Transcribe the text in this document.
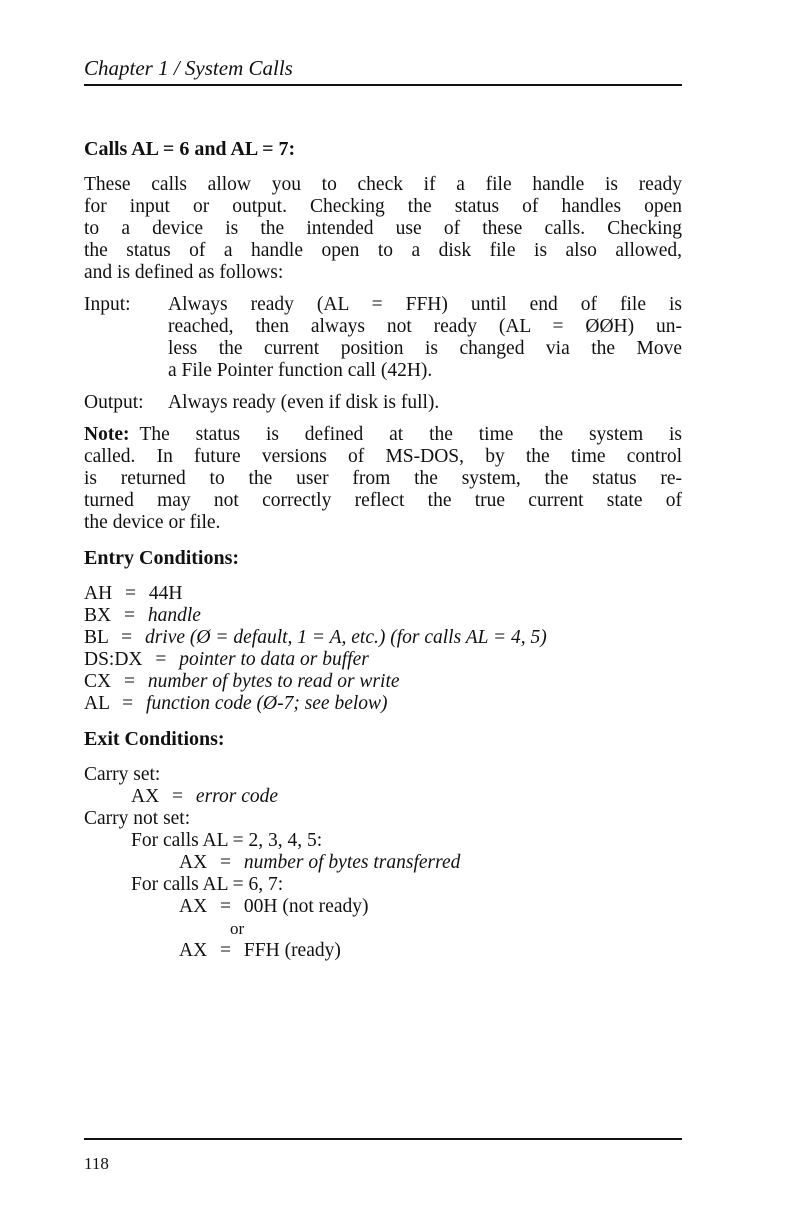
Chapter 1 / System Calls
Calls AL = 6 and AL = 7:
These calls allow you to check if a file handle is ready
for input or output. Checking the status of handles open
to a device is the intended use of these calls. Checking
the status of a handle open to a disk file is also allowed,
and is defined as follows:
Input:	Always ready (AL = FFH) until end of file is
reached, then always not ready (AL = ØØH) un-
less the current position is changed via the Move
a File Pointer function call (42H).
Output:	Always ready (even if disk is full).
Note: The status is defined at the time the system is
called. In future versions of MS-DOS, by the time control
is returned to the user from the system, the status re-
turned may not correctly reflect the true current state of
the device or file.
Entry Conditions:
AH = 44H
BX = handle
BL = drive (Ø = default, 1 = A, etc.) (for calls AL = 4, 5)
DS:DX = pointer to data or buffer
CX = number of bytes to read or write
AL = function code (Ø-7; see below)
Exit Conditions:
Carry set:
AX = error code
Carry not set:
For calls AL = 2, 3, 4, 5:
AX = number of bytes transferred
For calls AL = 6, 7:
AX = 00H (not ready)
or
AX = FFH (ready)
118
